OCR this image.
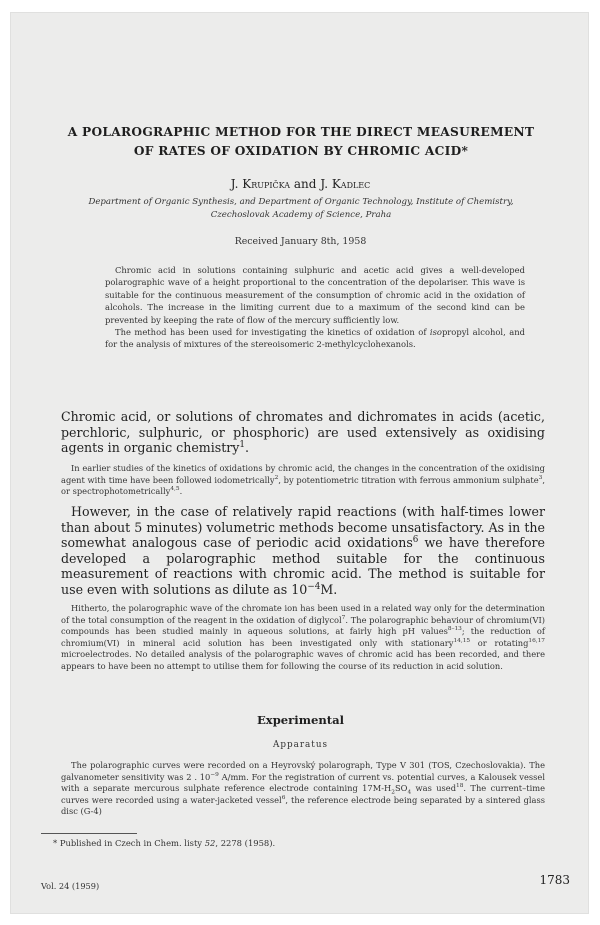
A POLAROGRAPHIC METHOD FOR THE DIRECT MEASUREMENT
OF RATES OF OXIDATION BY CHROMIC ACID*
J. Krupička and J. Kadlec
Department of Organic Synthesis, and Department of Organic Technology, Institute of Chemistry,
Czechoslovak Academy of Science, Praha
Received January 8th, 1958

Chromic acid in solutions containing sulphuric and acetic acid gives a well-developed polarographic wave of a height proportional to the concentration of the depolariser. This wave is suitable for the continuous measurement of the consumption of chromic acid in the oxidation of alcohols. The increase in the limiting current due to a maximum of the second kind can be prevented by keeping the rate of flow of the mercury sufficiently low.

The method has been used for investigating the kinetics of oxidation of isopropyl alcohol, and for the analysis of mixtures of the stereoisomeric 2-methylcyclohexanols.

Chromic acid, or solutions of chromates and dichromates in acids (acetic, perchloric, sulphuric, or phosphoric) are used extensively as oxidising agents in organic chemistry$^1$.
In earlier studies of the kinetics of oxidations by chromic acid, the changes in the concentration of the oxidising agent with time have been followed iodometrically$^2$, by potentiometric titration with ferrous ammonium sulphate$^3$, or spectrophotometrically$^{4,5}$.
However, in the case of relatively rapid reactions (with half-times lower than about 5 minutes) volumetric methods become unsatisfactory. As in the somewhat analogous case of periodic acid oxidations$^6$ we have therefore developed a polarographic method suitable for the continuous measurement of reactions with chromic acid. The method is suitable for use even with solutions as dilute as $10^{-4}M$.
Hitherto, the polarographic wave of the chromate ion has been used in a related way only for the determination of the total consumption of the reagent in the oxidation of diglycol$^7$. The polarographic behaviour of chromium(VI) compounds has been studied mainly in aqueous solutions, at fairly high pH values$^{8-13}$; the reduction of chromium(VI) in mineral acid solution has been investigated only with stationary$^{14,15}$ or rotating$^{16,17}$ microelectrodes. No detailed analysis of the polarographic waves of chromic acid has been recorded, and there appears to have been no attempt to utilise them for following the course of its reduction in acid solution.
Experimental
Apparatus
The polarographic curves were recorded on a Heyrovský polarograph, Type V 301 (TOS, Czechoslovakia). The galvanometer sensitivity was 2 . $10^{-9}$ A/mm. For the registration of current vs. potential curves, a Kalousek vessel with a separate mercurous sulphate reference electrode containing $17M-H_2SO_4$ was used$^{18}$. The current–time curves were recorded using a water-jacketed vessel$^6$, the reference electrode being separated by a sintered glass disc (G-4)
* Published in Czech in Chem. listy 52, 2278 (1958).
Vol. 24 (1959)	1783
